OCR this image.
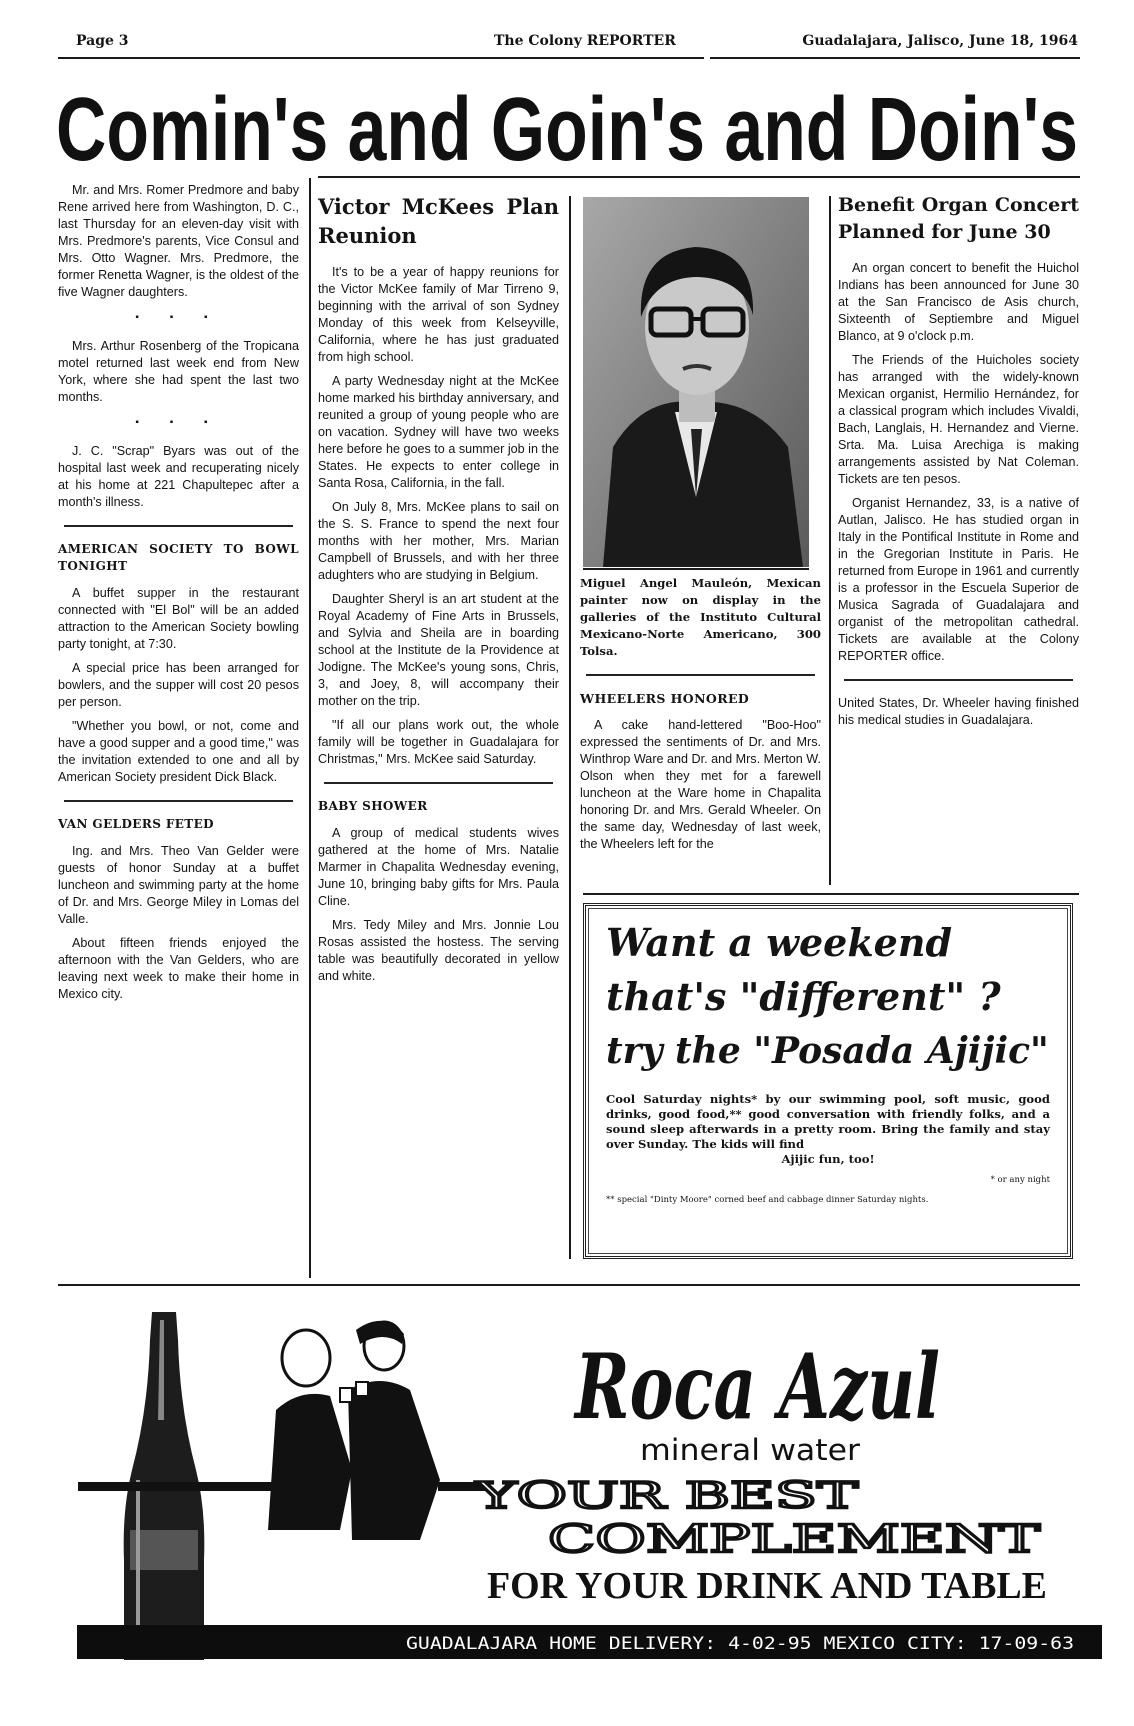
Page 3	The Colony REPORTER	Guadalajara, Jalisco, June 18, 1964
Comin's and Goin's and Doin's

Mr. and Mrs. Romer Predmore and baby Rene arrived here from Washington, D. C., last Thursday for an eleven-day visit with Mrs. Predmore's parents, Vice Consul and Mrs. Otto Wagner. Mrs. Predmore, the former Renetta Wagner, is the oldest of the five Wagner daughters.

▪ ▪ ▪

Mrs. Arthur Rosenberg of the Tropicana motel returned last week end from New York, where she had spent the last two months.

▪ ▪ ▪

J. C. "Scrap" Byars was out of the hospital last week and recuperating nicely at his home at 221 Chapultepec after a month's illness.

AMERICAN SOCIETY TO BOWL TONIGHT

A buffet supper in the restaurant connected with "El Bol" will be an added attraction to the American Society bowling party tonight, at 7:30.

A special price has been arranged for bowlers, and the supper will cost 20 pesos per person.

"Whether you bowl, or not, come and have a good supper and a good time," was the invitation extended to one and all by American Society president Dick Black.

VAN GELDERS FETED

Ing. and Mrs. Theo Van Gelder were guests of honor Sunday at a buffet luncheon and swimming party at the home of Dr. and Mrs. George Miley in Lomas del Valle.

About fifteen friends enjoyed the afternoon with the Van Gelders, who are leaving next week to make their home in Mexico city.

Victor McKees Plan Reunion

It's to be a year of happy reunions for the Victor McKee family of Mar Tirreno 9, beginning with the arrival of son Sydney Monday of this week from Kelseyville, California, where he has just graduated from high school.

A party Wednesday night at the McKee home marked his birthday anniversary, and reunited a group of young people who are on vacation. Sydney will have two weeks here before he goes to a summer job in the States. He expects to enter college in Santa Rosa, California, in the fall.

On July 8, Mrs. McKee plans to sail on the S. S. France to spend the next four months with her mother, Mrs. Marian Campbell of Brussels, and with her three adughters who are studying in Belgium.

Daughter Sheryl is an art student at the Royal Academy of Fine Arts in Brussels, and Sylvia and Sheila are in boarding school at the Institute de la Providence at Jodigne. The McKee's young sons, Chris, 3, and Joey, 8, will accompany their mother on the trip.

"If all our plans work out, the whole family will be together in Guadalajara for Christmas," Mrs. McKee said Saturday.

BABY SHOWER

A group of medical students wives gathered at the home of Mrs. Natalie Marmer in Chapalita Wednesday evening, June 10, bringing baby gifts for Mrs. Paula Cline.

Mrs. Tedy Miley and Mrs. Jonnie Lou Rosas assisted the hostess. The serving table was beautifully decorated in yellow and white.

Miguel Angel Mauleón, Mexican painter now on display in the galleries of the Instituto Cultural Mexicano-Norte Americano, 300 Tolsa.
WHEELERS HONORED

A cake hand-lettered "Boo-Hoo" expressed the sentiments of Dr. and Mrs. Winthrop Ware and Dr. and Mrs. Merton W. Olson when they met for a farewell luncheon at the Ware home in Chapalita honoring Dr. and Mrs. Gerald Wheeler. On the same day, Wednesday of last week, the Wheelers left for the

Benefit Organ Concert Planned for June 30

An organ concert to benefit the Huichol Indians has been announced for June 30 at the San Francisco de Asis church, Sixteenth of Septiembre and Miguel Blanco, at 9 o'clock p.m.

The Friends of the Huicholes society has arranged with the widely-known Mexican organist, Hermilio Hernández, for a classical program which includes Vivaldi, Bach, Langlais, H. Hernandez and Vierne. Srta. Ma. Luisa Arechiga is making arrangements assisted by Nat Coleman. Tickets are ten pesos.

Organist Hernandez, 33, is a native of Autlan, Jalisco. He has studied organ in Italy in the Pontifical Institute in Rome and in the Gregorian Institute in Paris. He returned from Europe in 1961 and currently is a professor in the Escuela Superior de Musica Sagrada of Guadalajara and organist of the metropolitan cathedral. Tickets are available at the Colony REPORTER office.

United States, Dr. Wheeler having finished his medical studies in Guadalajara.

Want a weekend
that's "different" ?
try the "Posada Ajijic"
Cool Saturday nights* by our swimming pool, soft music, good drinks, good food,** good conversation with friendly folks, and a sound sleep afterwards in a pretty room. Bring the family and stay over Sunday. The kids will find
Ajijic fun, too!
* or any night
** special "Dinty Moore" corned beef and cabbage dinner Saturday nights.
Roca Azul
mineral water
YOUR BEST
COMPLEMENT
FOR YOUR DRINK AND TABLE
GUADALAJARA HOME DELIVERY: 4-02-95 MEXICO CITY: 17-09-63
